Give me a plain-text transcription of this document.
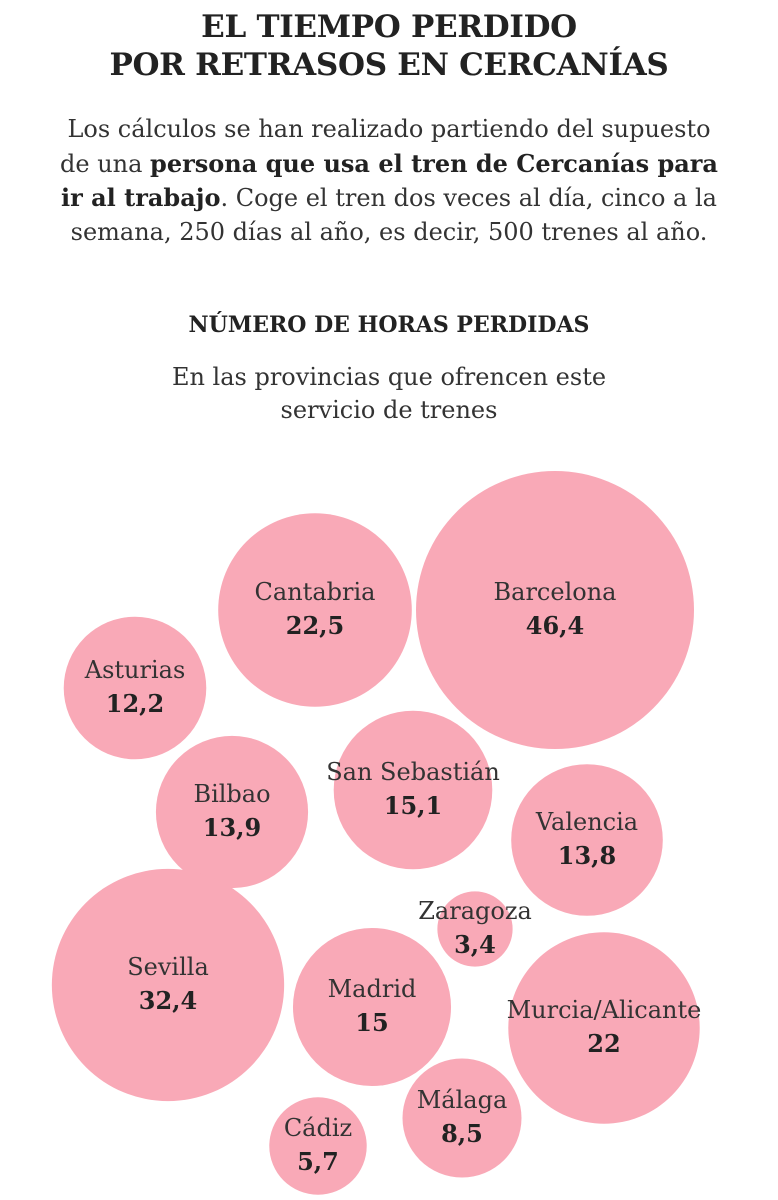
EL TIEMPO PERDIDO
POR RETRASOS EN CERCANÍAS
Los cálculos se han realizado partiendo del supuesto de una persona que usa el tren de Cercanías para ir al trabajo. Coge el tren dos veces al día, cinco a la semana, 250 días al año, es decir, 500 trenes al año.
NÚMERO DE HORAS PERDIDAS
En las provincias que ofrencen este servicio de trenes
Barcelona
46,4
Cantabria
22,5
Asturias
12,2
Bilbao
13,9
San Sebastián
15,1
Valencia
13,8
Zaragoza
3,4
Sevilla
32,4	Madrid
15	Murcia/Alicante
22
Málaga
8,5
Cádiz
5,7
